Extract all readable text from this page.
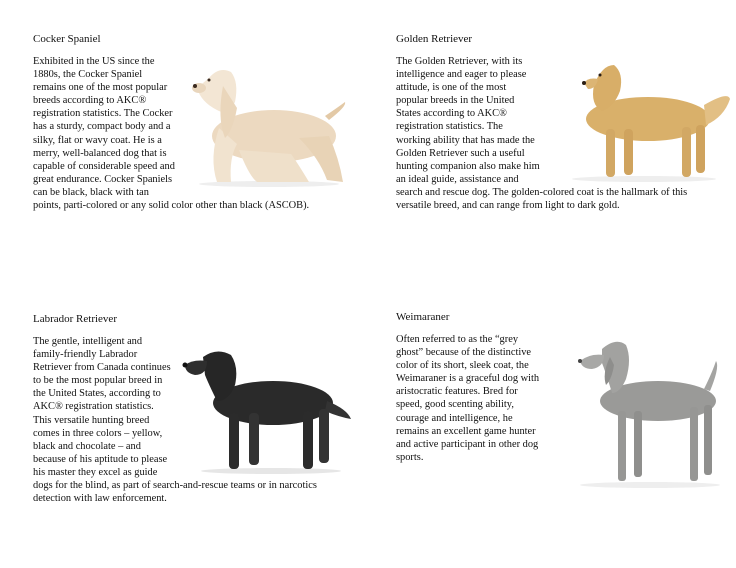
Cocker Spaniel

Exhibited in the US since the 1880s, the Cocker Spaniel remains one of the most popular breeds according to AKC® registration statistics. The Cocker has a sturdy, compact body and a silky, flat or wavy coat. He is a merry, well-balanced dog that is capable of considerable speed and great endurance. Cocker Spaniels can be black, black with tan points, parti-colored or any solid color other than black (ASCOB).

Golden Retriever

The Golden Retriever, with its intelligence and eager to please attitude, is one of the most popular breeds in the United States according to AKC® registration statistics. The working ability that has made the Golden Retriever such a useful hunting companion also make him an ideal guide, assistance and search and rescue dog. The golden-colored coat is the hallmark of this versatile breed, and can range from light to dark gold.

Labrador Retriever

The gentle, intelligent and family-friendly Labrador Retriever from Canada continues to be the most popular breed in the United States, according to AKC® registration statistics. This versatile hunting breed comes in three colors – yellow, black and chocolate – and because of his aptitude to please his master they excel as guide dogs for the blind, as part of search-and-rescue teams or in narcotics detection with law enforcement.

Weimaraner

Often referred to as the “grey ghost” because of the distinctive color of its short, sleek coat, the Weimaraner is a graceful dog with aristocratic features. Bred for speed, good scenting ability, courage and intelligence, he remains an excellent game hunter and active participant in other dog sports.
